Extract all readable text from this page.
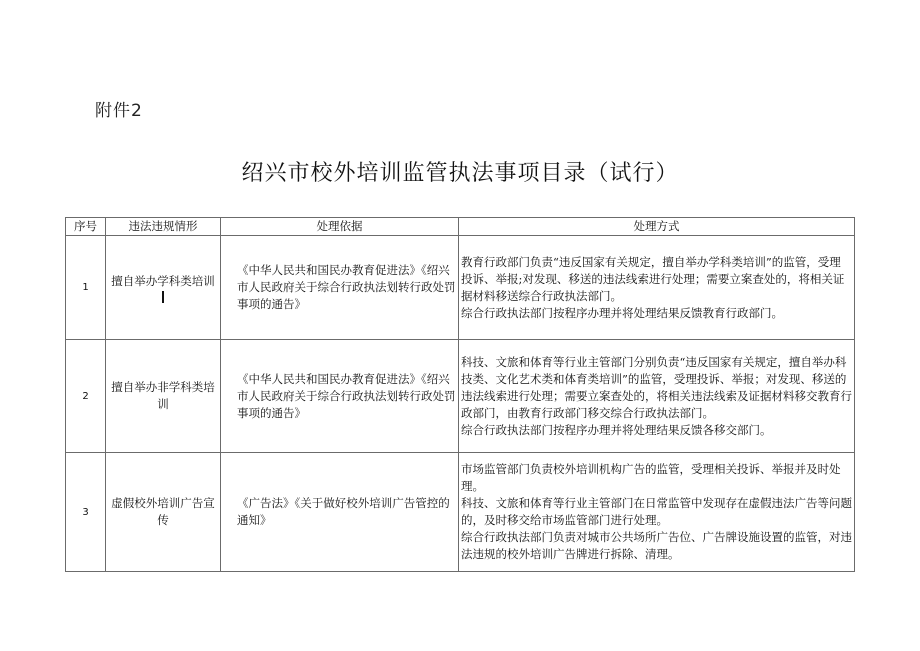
附件2
绍兴市校外培训监管执法事项目录（试行）
序号	违法违规情形	处理依据	处理方式
1	擅自举办学科类培训	《中华人民共和国民办教育促进法》《绍兴市人民政府关于综合行政执法划转行政处罚事项的通告》	教育行政部门负责“违反国家有关规定，擅自举办学科类培训”的监管，受理投诉、举报;对发现、移送的违法线索进行处理；需要立案查处的，将相关证据材料移送综合行政执法部门。
综合行政执法部门按程序办理并将处理结果反馈教育行政部门。

2	擅自举办非学科类培训	《中华人民共和国民办教育促进法》《绍兴市人民政府关于综合行政执法划转行政处罚事项的通告》	科技、文旅和体育等行业主管部门分别负责“违反国家有关规定，擅自举办科技类、文化艺术类和体育类培训”的监管，受理投诉、举报；对发现、移送的违法线索进行处理；需要立案查处的，将相关违法线索及证据材料移交教育行政部门，由教育行政部门移交综合行政执法部门。
综合行政执法部门按程序办理并将处理结果反馈各移交部门。

3	虚假校外培训广告宣传	《广告法》《关于做好校外培训广告管控的通知》	市场监管部门负责校外培训机构广告的监管，受理相关投诉、举报并及时处理。
科技、文旅和体育等行业主管部门在日常监管中发现存在虚假违法广告等问题的，及时移交给市场监管部门进行处理。
综合行政执法部门负责对城市公共场所广告位、广告牌设施设置的监管，对违法违规的校外培训广告牌进行拆除、清理。
